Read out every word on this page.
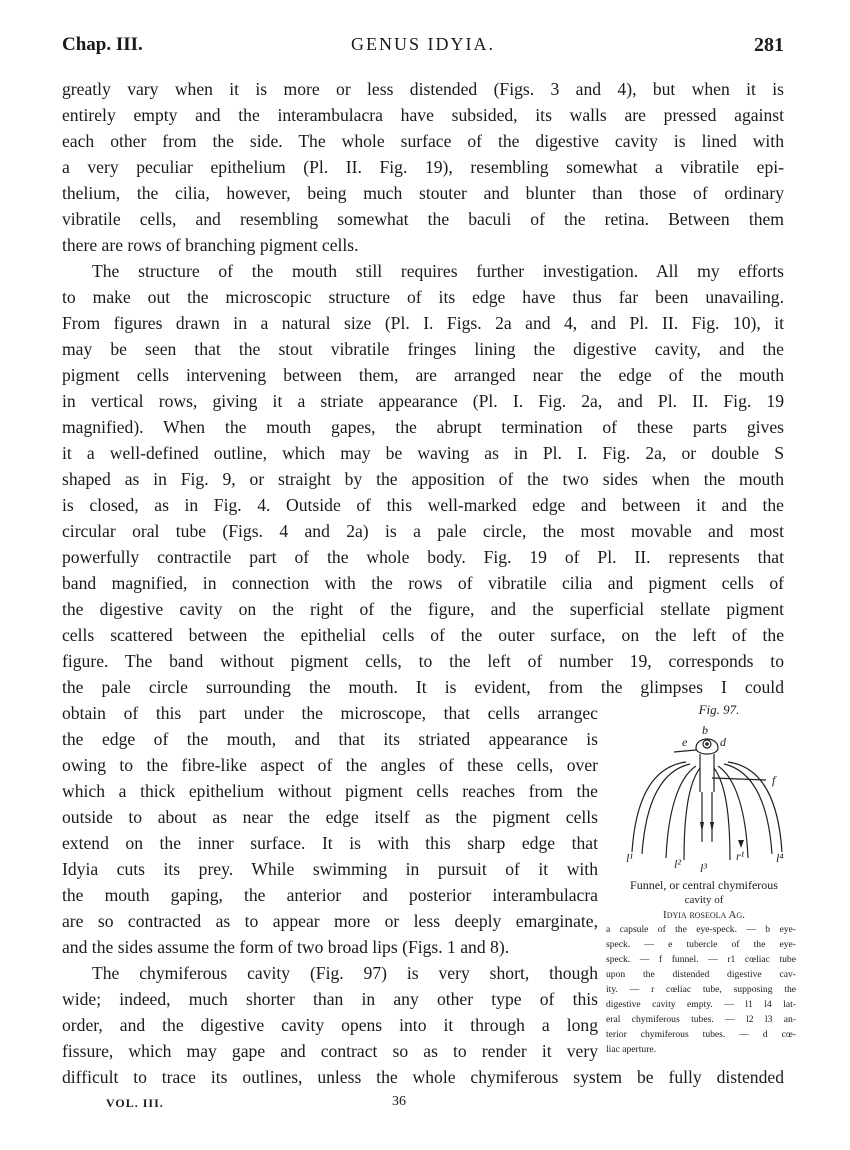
Chap. III.	GENUS IDYIA.	281
greatly vary when it is more or less distended (Figs. 3 and 4), but when it is
entirely empty and the interambulacra have subsided, its walls are pressed against
each other from the side. The whole surface of the digestive cavity is lined with
a very peculiar epithelium (Pl. II. Fig. 19), resembling somewhat a vibratile epi-
thelium, the cilia, however, being much stouter and blunter than those of ordinary
vibratile cells, and resembling somewhat the baculi of the retina. Between them
there are rows of branching pigment cells.
The structure of the mouth still requires further investigation. All my efforts
to make out the microscopic structure of its edge have thus far been unavailing.
From figures drawn in a natural size (Pl. I. Figs. 2a and 4, and Pl. II. Fig. 10), it
may be seen that the stout vibratile fringes lining the digestive cavity, and the
pigment cells intervening between them, are arranged near the edge of the mouth
in vertical rows, giving it a striate appearance (Pl. I. Fig. 2a, and Pl. II. Fig. 19
magnified). When the mouth gapes, the abrupt termination of these parts gives
it a well-defined outline, which may be waving as in Pl. I. Fig. 2a, or double S
shaped as in Fig. 9, or straight by the apposition of the two sides when the mouth
is closed, as in Fig. 4. Outside of this well-marked edge and between it and the
circular oral tube (Figs. 4 and 2a) is a pale circle, the most movable and most
powerfully contractile part of the whole body. Fig. 19 of Pl. II. represents that
band magnified, in connection with the rows of vibratile cilia and pigment cells of
the digestive cavity on the right of the figure, and the superficial stellate pigment
cells scattered between the epithelial cells of the outer surface, on the left of the
figure. The band without pigment cells, to the left of number 19, corresponds to
the pale circle surrounding the mouth. It is evident, from the glimpses I could
obtain of this part under the microscope, that cells arrangec
the edge of the mouth, and that its striated appearance is
owing to the fibre-like aspect of the angles of these cells, over
which a thick epithelium without pigment cells reaches from the
outside to about as near the edge itself as the pigment cells
extend on the inner surface. It is with this sharp edge that
Idyia cuts its prey. While swimming in pursuit of it with
the mouth gaping, the anterior and posterior interambulacra
are so contracted as to appear more or less deeply emarginate,
and the sides assume the form of two broad lips (Figs. 1 and 8).
The chymiferous cavity (Fig. 97) is very short, though
wide; indeed, much shorter than in any other type of this
order, and the digestive cavity opens into it through a long
fissure, which may gape and contract so as to render it very
difficult to trace its outlines, unless the whole chymiferous system be fully distended
Fig. 97.
e
b
d
f
l¹	l² l³
r¹	l⁴
Funnel, or central chymiferous
cavity of
Idyia roseola Ag.
a capsule of the eye-speck. — b eye-
speck. — e tubercle of the eye-
speck. — f funnel. — r1 cœliac tube
upon the distended digestive cav-
ity. — r cœliac tube, supposing the
digestive cavity empty. — l1 l4 lat-
eral chymiferous tubes. — l2 l3 an-
terior chymiferous tubes. — d cœ-
liac aperture.
VOL. III.	36
